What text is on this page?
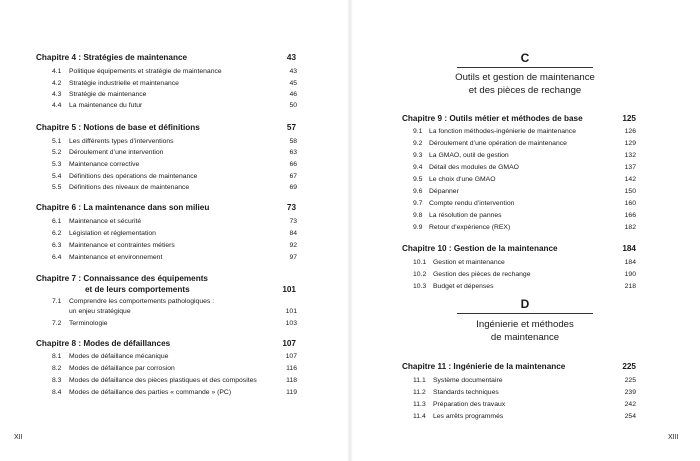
Chapitre 4 : Stratégies de maintenance	43
4.1 Politique équipements et stratégie de maintenance	43
4.2 Stratégie industrielle et maintenance	45
4.3 Stratégie de maintenance	46
4.4 La maintenance du futur	50
Chapitre 5 : Notions de base et définitions	57
5.1 Les différents types d’interventions	58
5.2 Déroulement d’une intervention	63
5.3 Maintenance corrective	66
5.4 Définitions des opérations de maintenance	67
5.5 Définitions des niveaux de maintenance	69
Chapitre 6 : La maintenance dans son milieu	73
6.1 Maintenance et sécurité	73
6.2 Législation et réglementation	84
6.3 Maintenance et contraintes métiers	92
6.4 Maintenance et environnement	97
Chapitre 7 : Connaissance des équipements
et de leurs comportements	101
7.1 Comprendre les comportements pathologiques :
un enjeu stratégique	101
7.2 Terminologie	103
Chapitre 8 : Modes de défaillances	107
8.1 Modes de défaillance mécanique	107
8.2 Modes de défaillance par corrosion	116
8.3 Modes de défaillance des pièces plastiques et des composites	118
8.4 Modes de défaillance des parties « commande » (PC)	119
XII
C
Outils et gestion de maintenance
et des pièces de rechange
Chapitre 9 : Outils métier et méthodes de base	125
9.1 La fonction méthodes-ingénierie de maintenance	126
9.2 Déroulement d’une opération de maintenance	129
9.3 La GMAO, outil de gestion	132
9.4 Détail des modules de GMAO	137
9.5 Le choix d’une GMAO	142
9.6 Dépanner	150
9.7 Compte rendu d’intervention	160
9.8 La résolution de pannes	166
9.9 Retour d’expérience (REX)	182
Chapitre 10 : Gestion de la maintenance	184
10.1 Gestion et maintenance	184
10.2 Gestion des pièces de rechange	190
10.3 Budget et dépenses	218
D
Ingénierie et méthodes
de maintenance
Chapitre 11 : Ingénierie de la maintenance	225
11.1 Système documentaire	225
11.2 Standards techniques	239
11.3 Préparation des travaux	242
11.4 Les arrêts programmés	254
XIII
